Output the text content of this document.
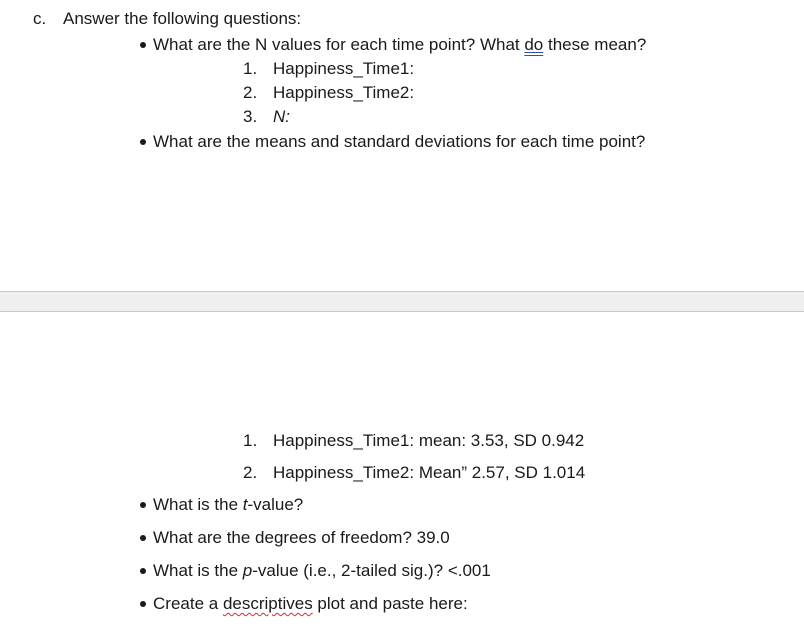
c. Answer the following questions:
What are the N values for each time point? What do these mean?
1. Happiness_Time1:
2. Happiness_Time2:
3. N:
What are the means and standard deviations for each time point?
1. Happiness_Time1: mean: 3.53, SD 0.942
2. Happiness_Time2: Mean” 2.57, SD 1.014
What is the t-value?
What are the degrees of freedom? 39.0
What is the p-value (i.e., 2-tailed sig.)? <.001
Create a descriptives plot and paste here:
